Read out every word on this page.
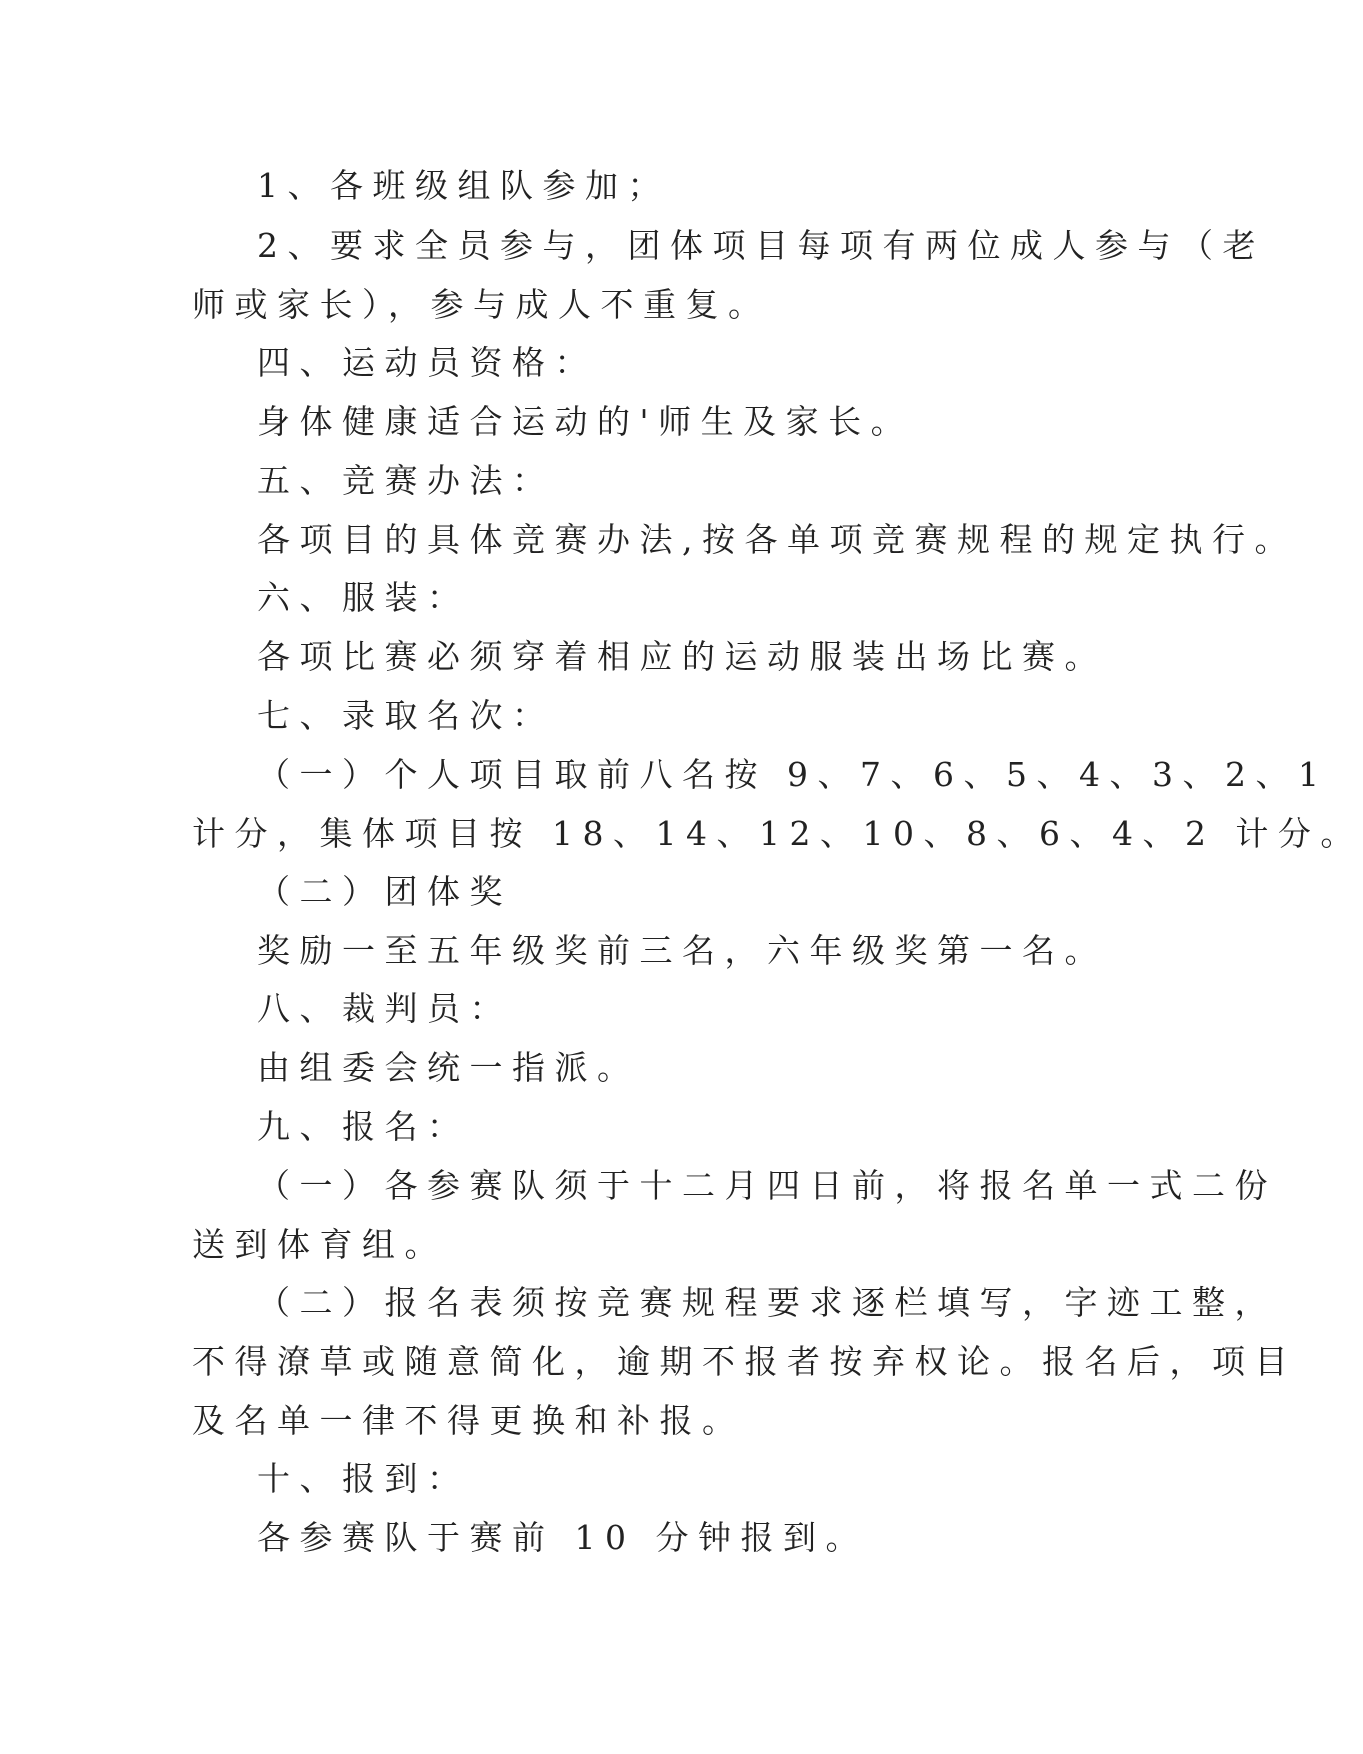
1、各班级组队参加；

2、要求全员参与，团体项目每项有两位成人参与（老

师或家长），参与成人不重复。

四、运动员资格：

身体健康适合运动的'师生及家长。

五、竞赛办法：

各项目的具体竞赛办法,按各单项竞赛规程的规定执行。

六、服装：

各项比赛必须穿着相应的运动服装出场比赛。

七、录取名次：

（一）个人项目取前八名按 9、7、6、5、4、3、2、1

计分，集体项目按 18、14、12、10、8、6、4、2 计分。

（二）团体奖

奖励一至五年级奖前三名，六年级奖第一名。

八、裁判员：

由组委会统一指派。

九、报名：

（一）各参赛队须于十二月四日前，将报名单一式二份

送到体育组。

（二）报名表须按竞赛规程要求逐栏填写，字迹工整，

不得潦草或随意简化，逾期不报者按弃权论。报名后，项目

及名单一律不得更换和补报。

十、报到：

各参赛队于赛前 10 分钟报到。
